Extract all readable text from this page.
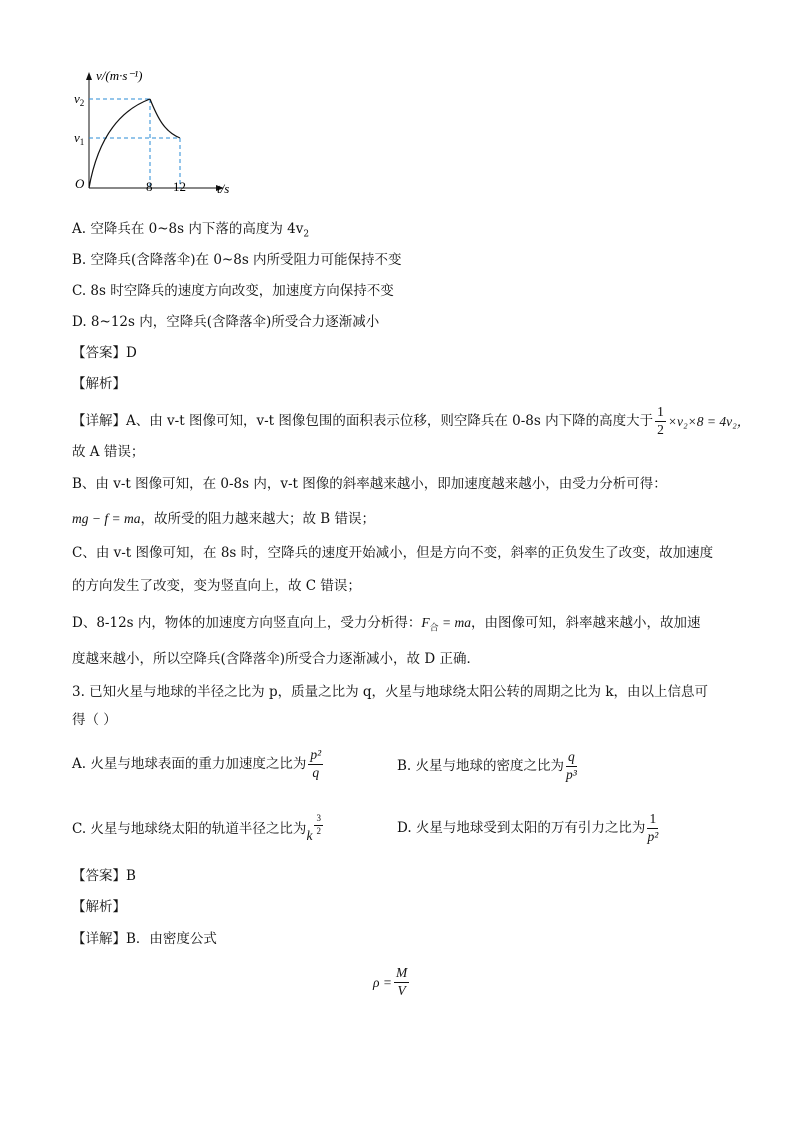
v/(m·s⁻¹)
t/s
O
$v_2$
$v_1$
8 12
A. 空降兵在 0~8s 内下落的高度为 $4v_2$
B. 空降兵(含降落伞)在 0~8s 内所受阻力可能保持不变
C. 8s 时空降兵的速度方向改变，加速度方向保持不变
D. 8~12s 内，空降兵(含降落伞)所受合力逐渐减小
【答案】D
【解析】
【详解】A、由 v-t 图像可知，v-t 图像包围的面积表示位移，则空降兵在 0-8s 内下降的高度大于 $\frac{1}{2} \times v_2\times 8 = 4v_2$，
故 A 错误；
B、由 v-t 图像可知，在 0-8s 内，v-t 图像的斜率越来越小，即加速度越来越小，由受力分析可得：
mg − f = ma，故所受的阻力越来越大；故 B 错误；
C、由 v-t 图像可知，在 8s 时，空降兵的速度开始减小，但是方向不变，斜率的正负发生了改变，故加速度
的方向发生了改变，变为竖直向上，故 C 错误；
D、8-12s 内，物体的加速度方向竖直向上，受力分析得：$F_合$ = ma，由图像可知，斜率越来越小，故加速
度越来越小，所以空降兵(含降落伞)所受合力逐渐减小，故 D 正确．
3. 已知火星与地球的半径之比为 p，质量之比为 q，火星与地球绕太阳公转的周期之比为 k，由以上信息可
得（ ）
A. 火星与地球表面的重力加速度之比为 $\frac{\text{p²}}{q}$	B. 火星与地球的密度之比为 $\frac{q}{\text{p³}}$
C. 火星与地球绕太阳的轨道半径之比为 k $\frac{3}{2}$	D. 火星与地球受到太阳的万有引力之比为 $\frac{1}{\text{p²}}$
【答案】B
【解析】
【详解】B．由密度公式
$\rho = \frac{M}{V}$
